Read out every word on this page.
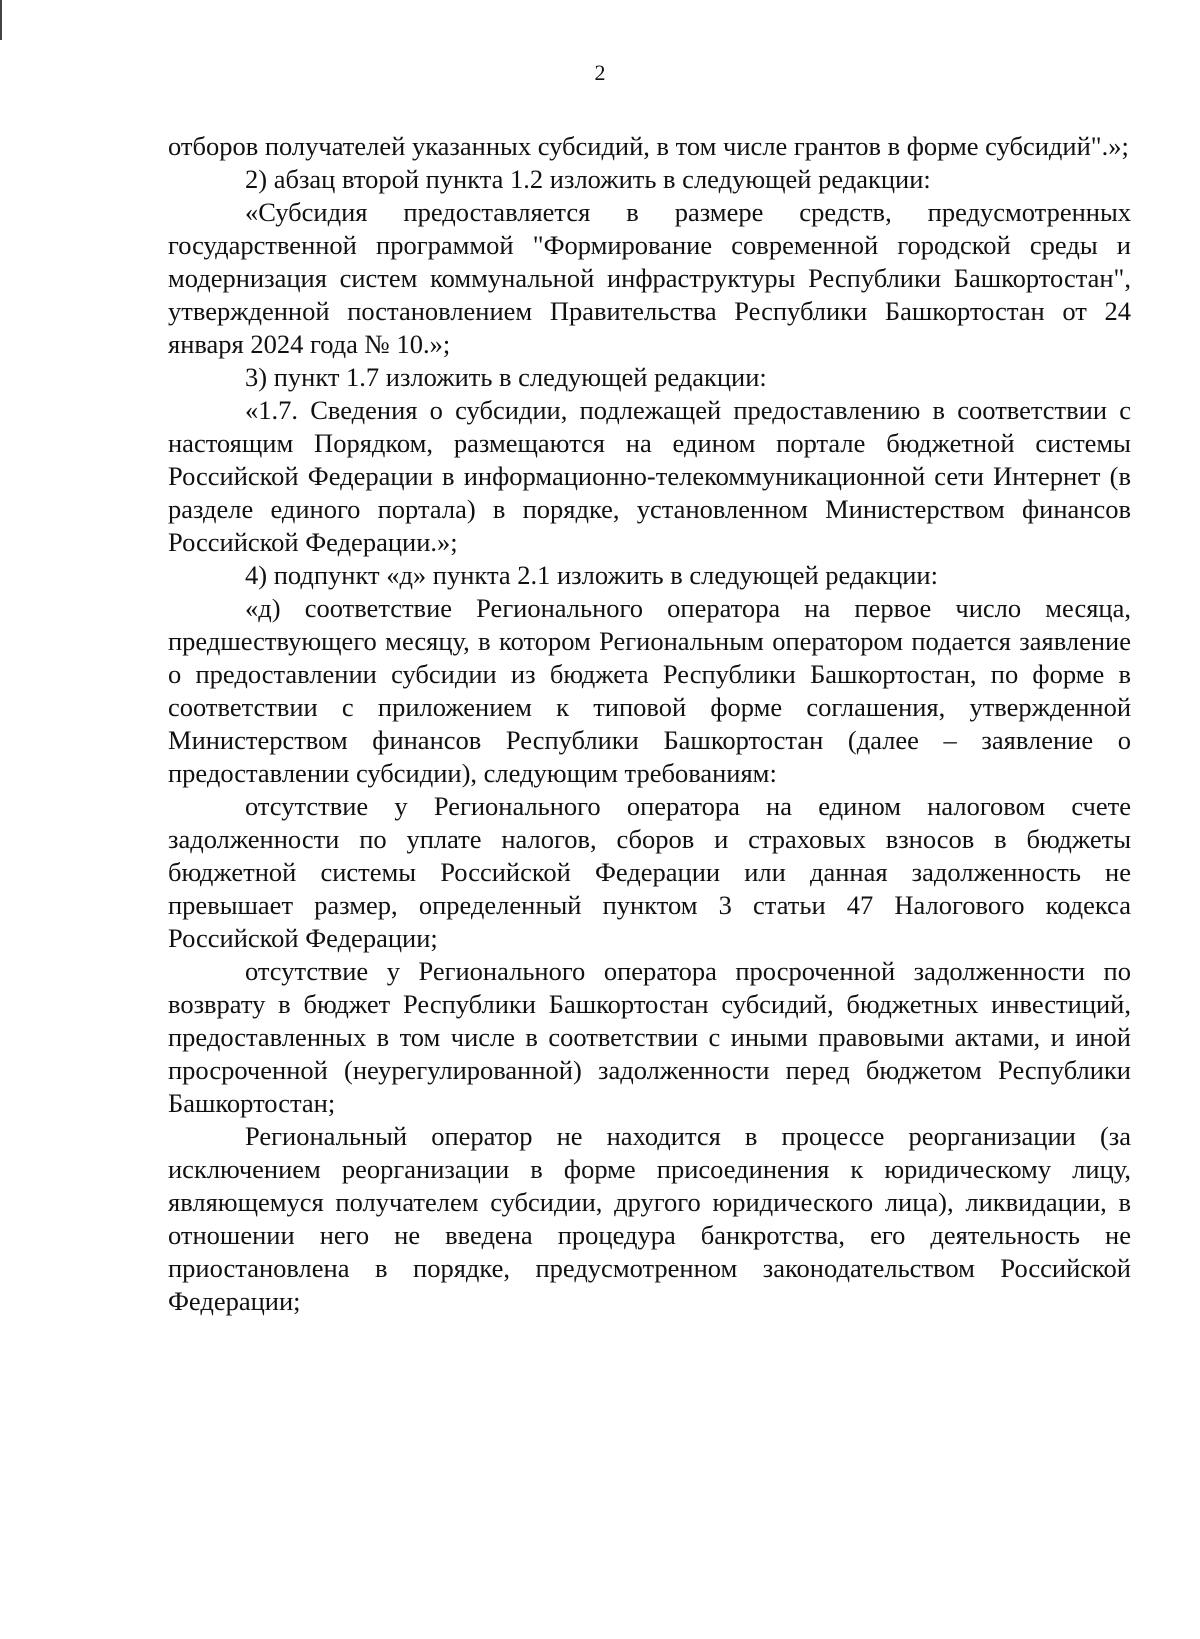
2

отборов получателей указанных субсидий, в том числе грантов в форме субсидий".»;

2) абзац второй пункта 1.2 изложить в следующей редакции:

«Субсидия предоставляется в размере средств, предусмотренных государственной программой "Формирование современной городской среды и модернизация систем коммунальной инфраструктуры Республики Башкортостан", утвержденной постановлением Правительства Республики Башкортостан от 24 января 2024 года № 10.»;

3) пункт 1.7 изложить в следующей редакции:

«1.7. Сведения о субсидии, подлежащей предоставлению в соответствии с настоящим Порядком, размещаются на едином портале бюджетной системы Российской Федерации в информационно-телекоммуникационной сети Интернет (в разделе единого портала) в порядке, установленном Министерством финансов Российской Федерации.»;

4) подпункт «д» пункта 2.1 изложить в следующей редакции:

«д) соответствие Регионального оператора на первое число месяца, предшествующего месяцу, в котором Региональным оператором подается заявление о предоставлении субсидии из бюджета Республики Башкортостан, по форме в соответствии с приложением к типовой форме соглашения, утвержденной Министерством финансов Республики Башкортостан (далее – заявление о предоставлении субсидии), следующим требованиям:

отсутствие у Регионального оператора на едином налоговом счете задолженности по уплате налогов, сборов и страховых взносов в бюджеты бюджетной системы Российской Федерации или данная задолженность не превышает размер, определенный пунктом 3 статьи 47 Налогового кодекса Российской Федерации;

отсутствие у Регионального оператора просроченной задолженности по возврату в бюджет Республики Башкортостан субсидий, бюджетных инвестиций, предоставленных в том числе в соответствии с иными правовыми актами, и иной просроченной (неурегулированной) задолженности перед бюджетом Республики Башкортостан;

Региональный оператор не находится в процессе реорганизации (за исключением реорганизации в форме присоединения к юридическому лицу, являющемуся получателем субсидии, другого юридического лица), ликвидации, в отношении него не введена процедура банкротства, его деятельность не приостановлена в порядке, предусмотренном законодательством Российской Федерации;
